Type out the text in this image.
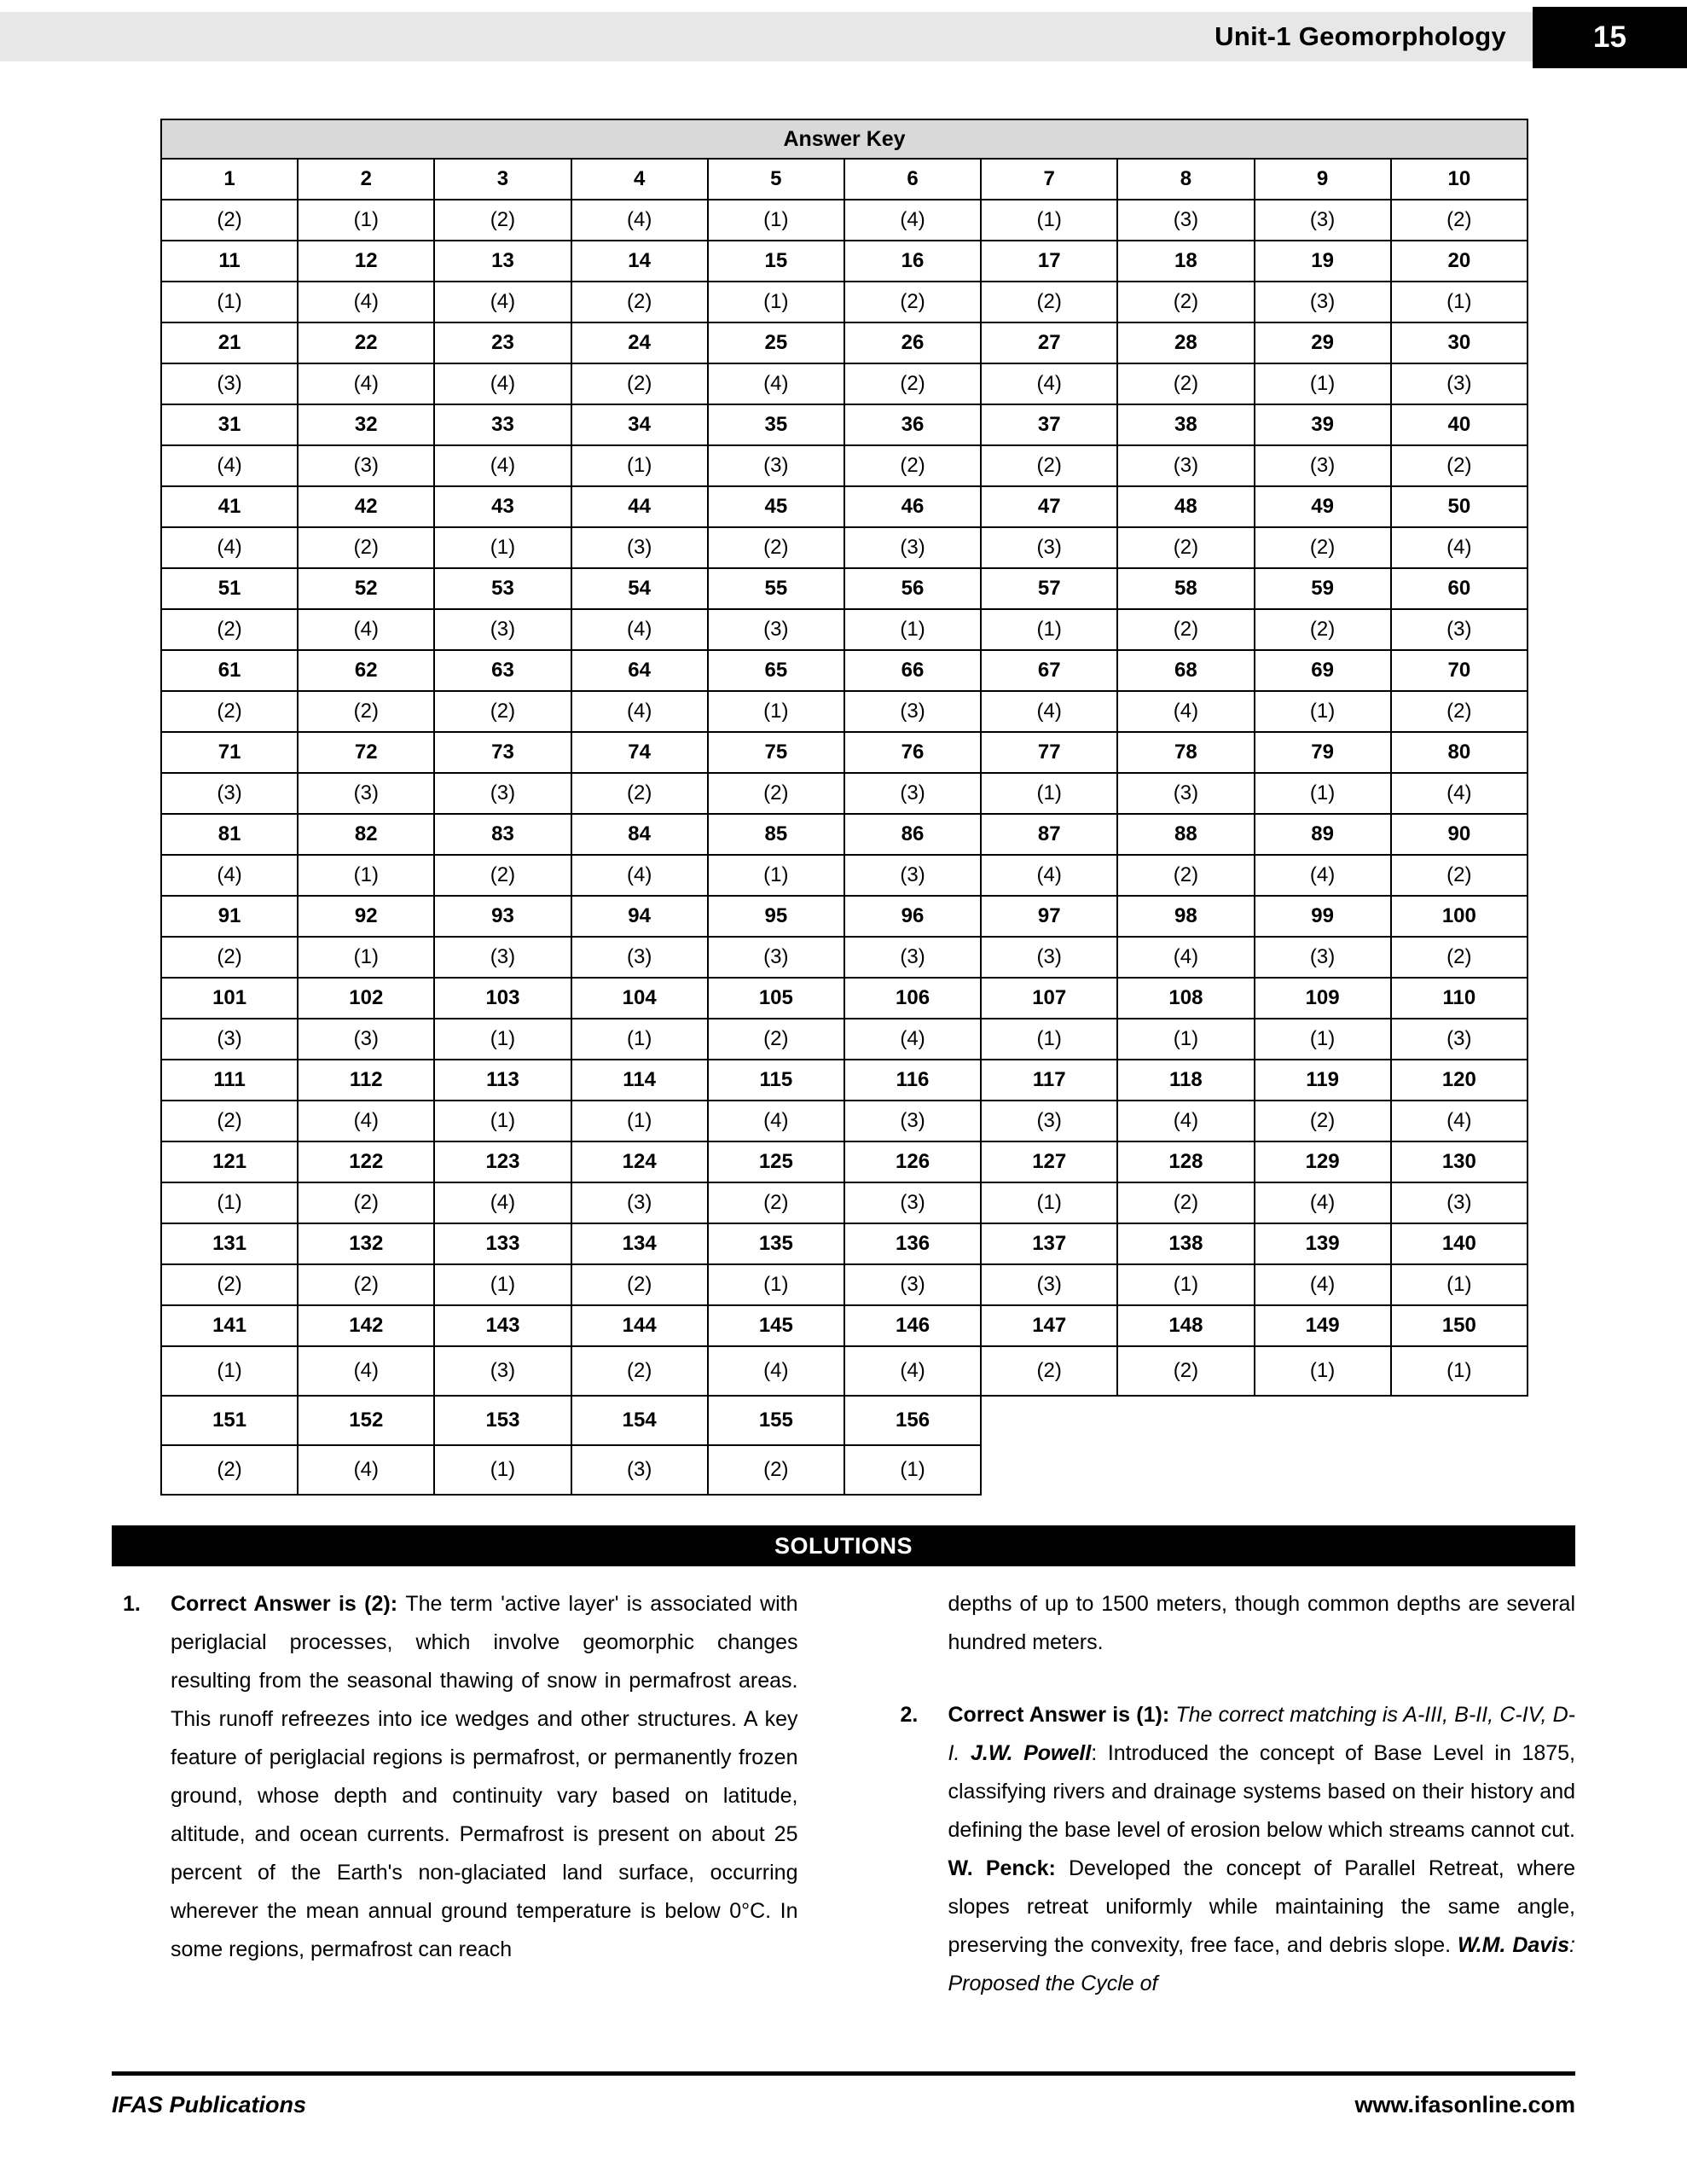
Unit-1 Geomorphology	15
Answer Key									
1	2	3	4	5	6	7	8	9	10
(2)	(1)	(2)	(4)	(1)	(4)	(1)	(3)	(3)	(2)
11	12	13	14	15	16	17	18	19	20
(1)	(4)	(4)	(2)	(1)	(2)	(2)	(2)	(3)	(1)
21	22	23	24	25	26	27	28	29	30
(3)	(4)	(4)	(2)	(4)	(2)	(4)	(2)	(1)	(3)
31	32	33	34	35	36	37	38	39	40
(4)	(3)	(4)	(1)	(3)	(2)	(2)	(3)	(3)	(2)
41	42	43	44	45	46	47	48	49	50
(4)	(2)	(1)	(3)	(2)	(3)	(3)	(2)	(2)	(4)
51	52	53	54	55	56	57	58	59	60
(2)	(4)	(3)	(4)	(3)	(1)	(1)	(2)	(2)	(3)
61	62	63	64	65	66	67	68	69	70
(2)	(2)	(2)	(4)	(1)	(3)	(4)	(4)	(1)	(2)
71	72	73	74	75	76	77	78	79	80
(3)	(3)	(3)	(2)	(2)	(3)	(1)	(3)	(1)	(4)
81	82	83	84	85	86	87	88	89	90
(4)	(1)	(2)	(4)	(1)	(3)	(4)	(2)	(4)	(2)
91	92	93	94	95	96	97	98	99	100
(2)	(1)	(3)	(3)	(3)	(3)	(3)	(4)	(3)	(2)
101	102	103	104	105	106	107	108	109	110
(3)	(3)	(1)	(1)	(2)	(4)	(1)	(1)	(1)	(3)
111	112	113	114	115	116	117	118	119	120
(2)	(4)	(1)	(1)	(4)	(3)	(3)	(4)	(2)	(4)
121	122	123	124	125	126	127	128	129	130
(1)	(2)	(4)	(3)	(2)	(3)	(1)	(2)	(4)	(3)
131	132	133	134	135	136	137	138	139	140
(2)	(2)	(1)	(2)	(1)	(3)	(3)	(1)	(4)	(1)
141	142	143	144	145	146	147	148	149	150
(1)	(4)	(3)	(2)	(4)	(4)	(2)	(2)	(1)	(1)
151	152	153	154	155	156				
(2)	(4)	(1)	(3)	(2)	(1)				
SOLUTIONS
1.	Correct Answer is (2): The term 'active layer' is associated with periglacial processes, which involve geomorphic changes resulting from the seasonal thawing of snow in permafrost areas. This runoff refreezes into ice wedges and other structures. A key feature of periglacial regions is permafrost, or permanently frozen ground, whose depth and continuity vary based on latitude, altitude, and ocean currents. Permafrost is present on about 25 percent of the Earth's non-glaciated land surface, occurring wherever the mean annual ground temperature is below 0°C. In some regions, permafrost can reach
depths of up to 1500 meters, though common depths are several hundred meters.
2.	Correct Answer is (1): The correct matching is A-III, B-II, C-IV, D-I. J.W. Powell: Introduced the concept of Base Level in 1875, classifying rivers and drainage systems based on their history and defining the base level of erosion below which streams cannot cut. W. Penck: Developed the concept of Parallel Retreat, where slopes retreat uniformly while maintaining the same angle, preserving the convexity, free face, and debris slope. W.M. Davis: Proposed the Cycle of
IFAS Publications	www.ifasonline.com
